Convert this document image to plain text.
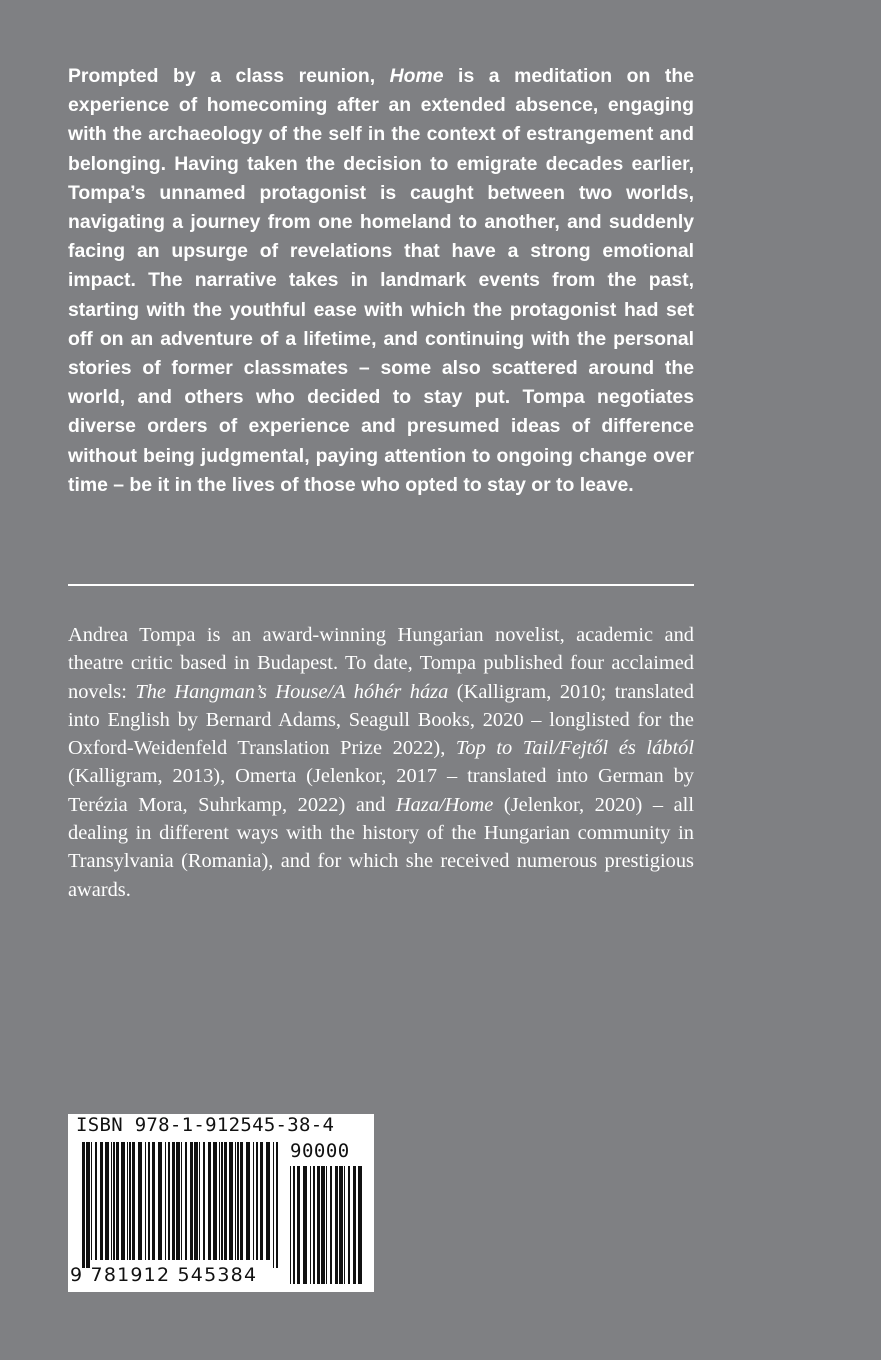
Prompted by a class reunion, Home is a meditation on the experience of homecoming after an extended absence, engaging with the archaeology of the self in the context of estrangement and belonging. Having taken the decision to emigrate decades earlier, Tompa’s unnamed protagonist is caught between two worlds, navigating a journey from one homeland to another, and suddenly facing an upsurge of revelations that have a strong emotional impact. The narrative takes in landmark events from the past, starting with the youthful ease with which the protagonist had set off on an adventure of a lifetime, and continuing with the personal stories of former classmates – some also scattered around the world, and others who decided to stay put. Tompa negotiates diverse orders of experience and presumed ideas of difference without being judgmental, paying attention to ongoing change over time – be it in the lives of those who opted to stay or to leave.

Andrea Tompa is an award-winning Hungarian novelist, academic and theatre critic based in Budapest. To date, Tompa published four acclaimed novels: The Hangman’s House/A hóhér háza (Kalligram, 2010; translated into English by Bernard Adams, Seagull Books, 2020 – longlisted for the Oxford-Weidenfeld Translation Prize 2022), Top to Tail/Fejtől és lábtól (Kalligram, 2013), Omerta (Jelenkor, 2017 – translated into German by Terézia Mora, Suhrkamp, 2022) and Haza/Home (Jelenkor, 2020) – all dealing in different ways with the history of the Hungarian community in Transylvania (Romania), and for which she received numerous prestigious awards.

ISBN 978-1-912545-38-4
90000
9 781912 545384
